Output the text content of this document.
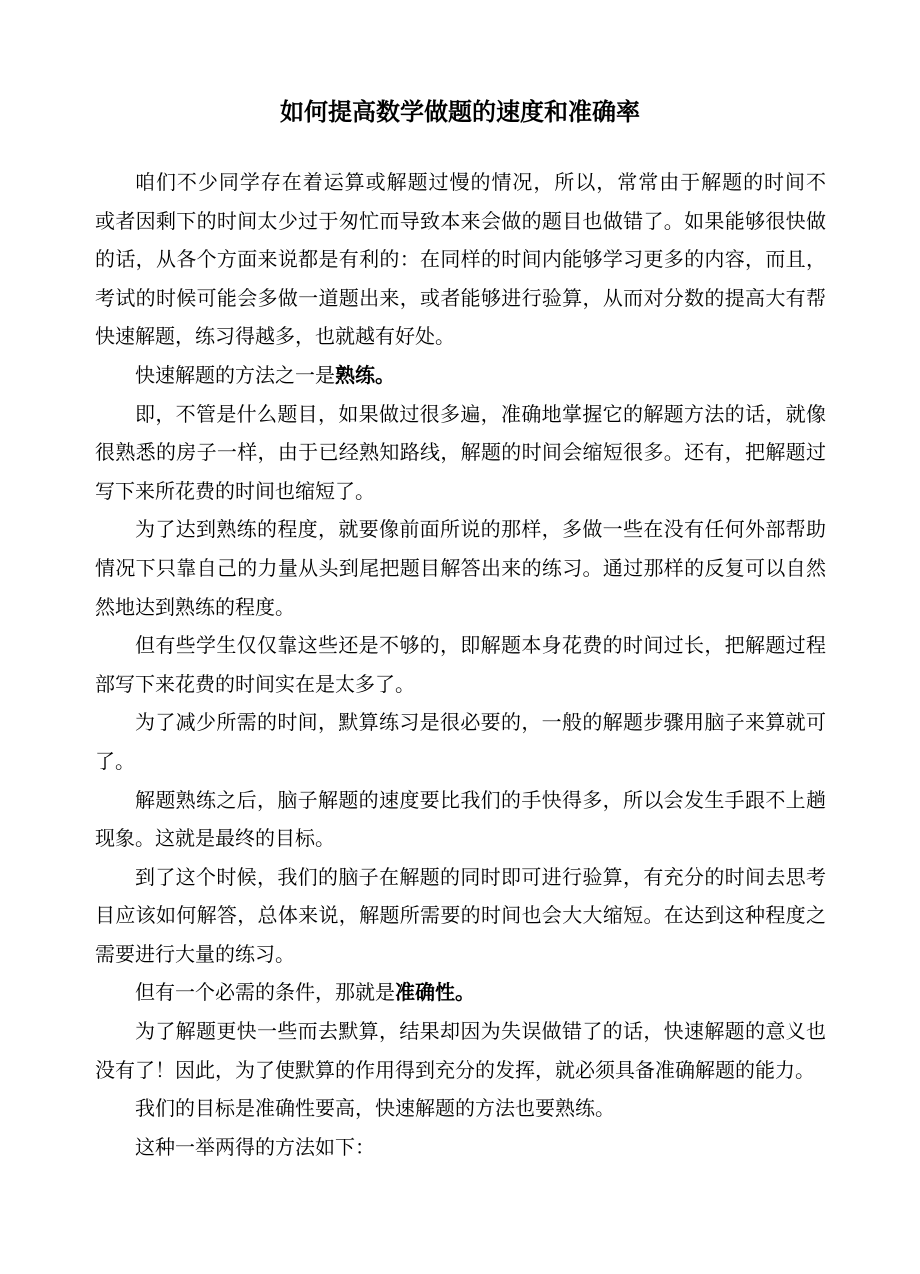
如何提高数学做题的速度和准确率
咱们不少同学存在着运算或解题过慢的情况，所以，常常由于解题的时间不
或者因剩下的时间太少过于匆忙而导致本来会做的题目也做错了。如果能够很快做
的话，从各个方面来说都是有利的：在同样的时间内能够学习更多的内容，而且，
考试的时候可能会多做一道题出来，或者能够进行验算，从而对分数的提高大有帮
快速解题，练习得越多，也就越有好处。
快速解题的方法之一是熟练。
即，不管是什么题目，如果做过很多遍，准确地掌握它的解题方法的话，就像
很熟悉的房子一样，由于已经熟知路线，解题的时间会缩短很多。还有，把解题过
写下来所花费的时间也缩短了。
为了达到熟练的程度，就要像前面所说的那样，多做一些在没有任何外部帮助
情况下只靠自己的力量从头到尾把题目解答出来的练习。通过那样的反复可以自然
然地达到熟练的程度。
但有些学生仅仅靠这些还是不够的，即解题本身花费的时间过长，把解题过程
部写下来花费的时间实在是太多了。
为了减少所需的时间，默算练习是很必要的，一般的解题步骤用脑子来算就可
了。
解题熟练之后，脑子解题的速度要比我们的手快得多，所以会发生手跟不上趟
现象。这就是最终的目标。
到了这个时候，我们的脑子在解题的同时即可进行验算，有充分的时间去思考
目应该如何解答，总体来说，解题所需要的时间也会大大缩短。在达到这种程度之
需要进行大量的练习。
但有一个必需的条件，那就是准确性。
为了解题更快一些而去默算，结果却因为失误做错了的话，快速解题的意义也
没有了！因此，为了使默算的作用得到充分的发挥，就必须具备准确解题的能力。
我们的目标是准确性要高，快速解题的方法也要熟练。
这种一举两得的方法如下：
